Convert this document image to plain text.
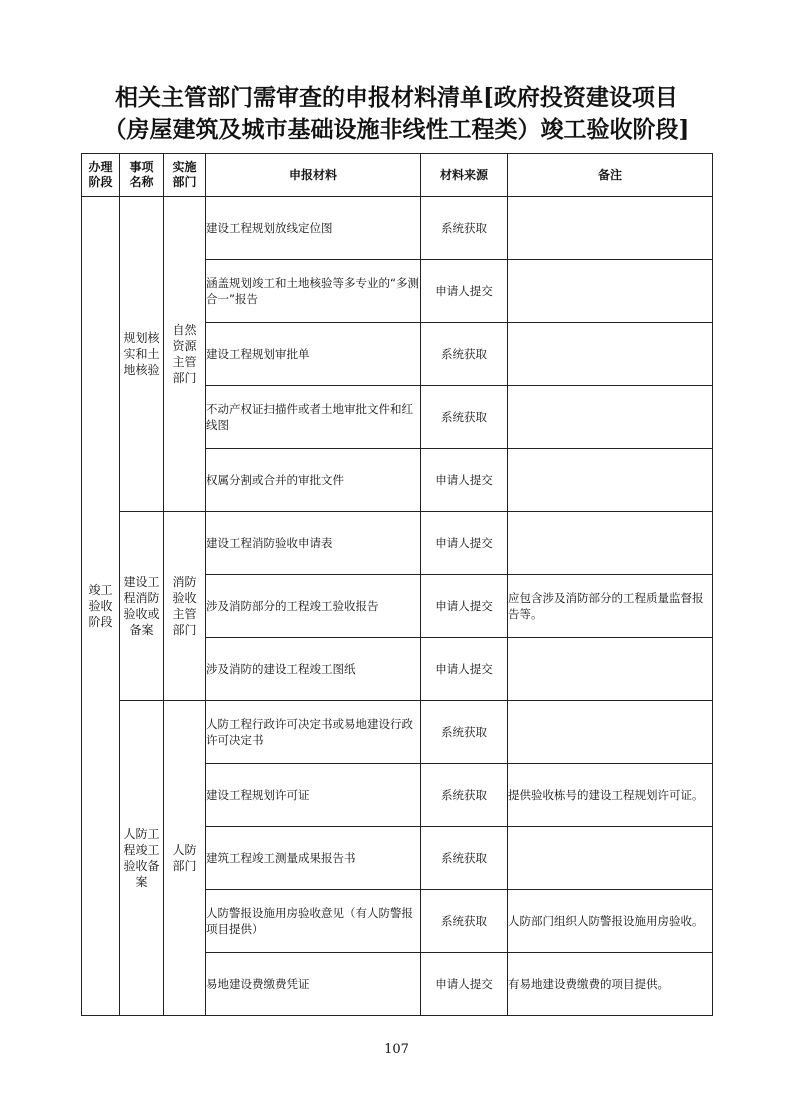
相关主管部门需审查的申报材料清单[政府投资建设项目
（房屋建筑及城市基础设施非线性工程类）竣工验收阶段]
办理阶段	事项名称	实施部门	申报材料	材料来源	备注
竣工验收阶段	规划核实和土地核验	自然资源主管部门	建设工程规划放线定位图	系统获取	
			涵盖规划竣工和土地核验等多专业的“多测合一”报告	申请人提交	
			建设工程规划审批单	系统获取	
			不动产权证扫描件或者土地审批文件和红线图	系统获取	
			权属分割或合并的审批文件	申请人提交	
	建设工程消防验收或备案	消防验收主管部门	建设工程消防验收申请表	申请人提交	
			涉及消防部分的工程竣工验收报告	申请人提交	应包含涉及消防部分的工程质量监督报告等。
			涉及消防的建设工程竣工图纸	申请人提交	
	人防工程竣工验收备案	人防部门	人防工程行政许可决定书或易地建设行政许可决定书	系统获取	
			建设工程规划许可证	系统获取	提供验收栋号的建设工程规划许可证。
			建筑工程竣工测量成果报告书	系统获取	
			人防警报设施用房验收意见（有人防警报项目提供）	系统获取	人防部门组织人防警报设施用房验收。
			易地建设费缴费凭证	申请人提交	有易地建设费缴费的项目提供。
107
